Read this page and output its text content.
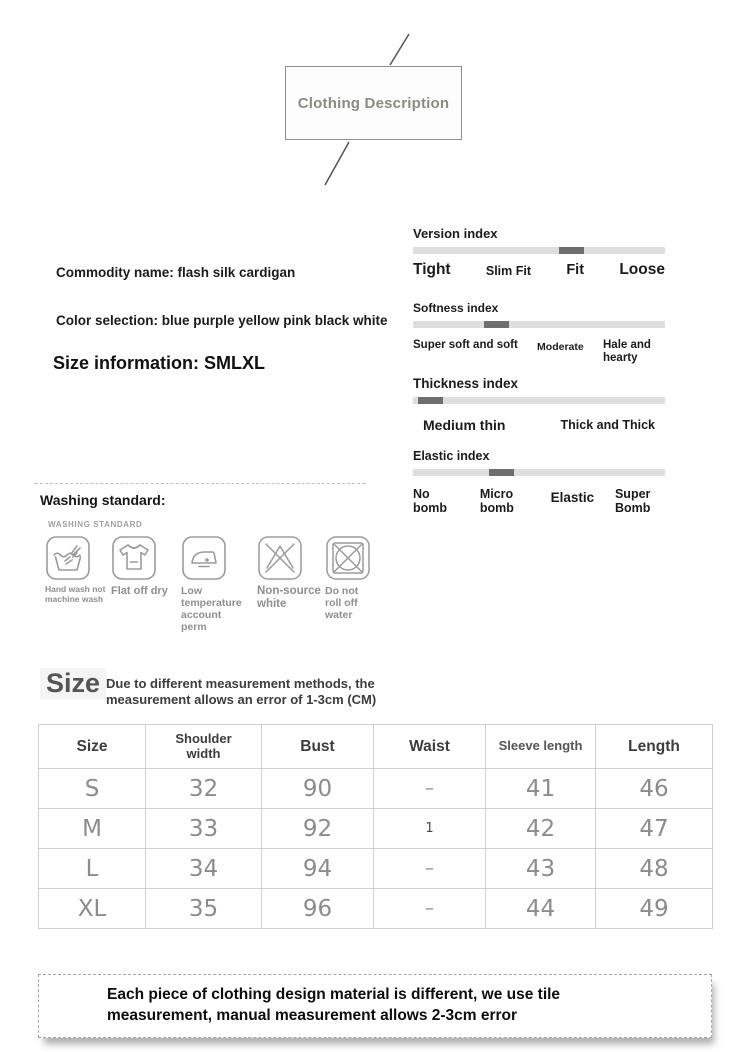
Clothing Description
Commodity name: flash silk cardigan
Color selection: blue purple yellow pink black white
Size information: SMLXL
Version index
Tight	Slim Fit Fit Loose
Softness index
Super soft and soft Moderate Hale and hearty
Thickness index
Medium thin	Thick and Thick
Elastic index
No bomb
Micro bomb
Elastic Super Bomb
Washing standard:
WASHING STANDARD
Hand wash not machine wash
Flat off dry	Low temperature account perm
Non-source white
Do not roll off water
Size Due to different measurement methods, the measurement allows an error of 1-3cm (CM)
Size	Shoulder width	Bust	Waist	Sleeve length	Length
S	32	90	–	41	46
M	33	92	1	42	47
L	34	94	–	43	48
XL	35	96	–	44	49

Each piece of clothing design material is different, we use tile measurement, manual measurement allows 2-3cm error
